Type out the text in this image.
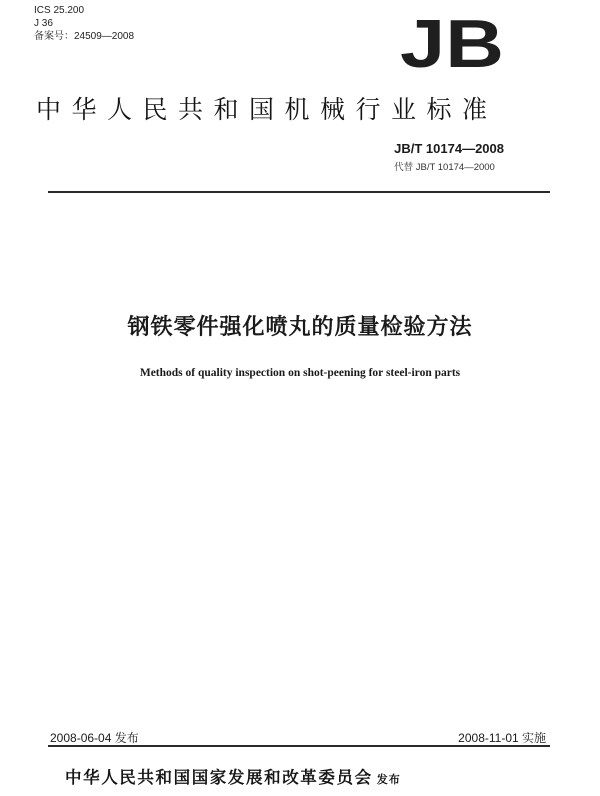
ICS 25.200
J 36
备案号：24509—2008	JB
中华人民共和国机械行业标准
JB/T 10174—2008
代替 JB/T 10174—2000
钢铁零件强化喷丸的质量检验方法
Methods of quality inspection on shot-peening for steel-iron parts
2008-06-04 发布	2008-11-01 实施
中华人民共和国国家发展和改革委员会 发布
